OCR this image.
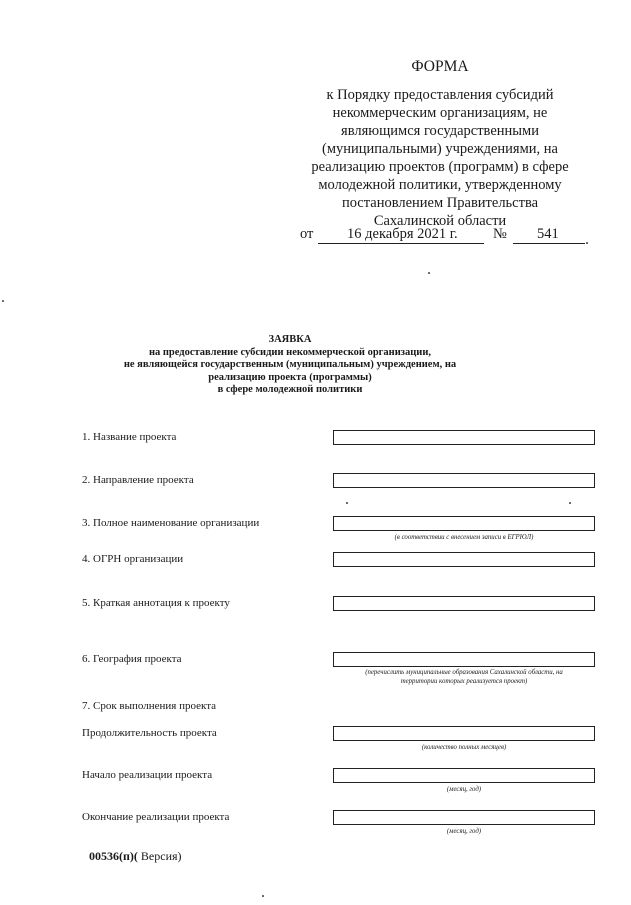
ФОРМА
к Порядку предоставления субсидий
некоммерческим организациям, не
являющимся государственными
(муниципальными) учреждениями, на
реализацию проектов (программ) в сфере
молодежной политики, утвержденному
постановлением Правительства
Сахалинской области
от 16 декабря 2021 г. № 541
ЗАЯВКА
на предоставление субсидии некоммерческой организации,
не являющейся государственным (муниципальным) учреждением, на
реализацию проекта (программы)
в сфере молодежной политики
1. Название проекта
2. Направление проекта
3. Полное наименование организации
(в соответствии с внесением записи в ЕГРЮЛ)
4. ОГРН организации
5. Краткая аннотация к проекту
6. География проекта
(перечислить муниципальные образования Сахалинской области, на
территории которых реализуется проект)
7. Срок выполнения проекта
Продолжительность проекта
(количество полных месяцев)
Начало реализации проекта
(месяц, год)
Окончание реализации проекта
(месяц, год)
00536(п)( Версия)
